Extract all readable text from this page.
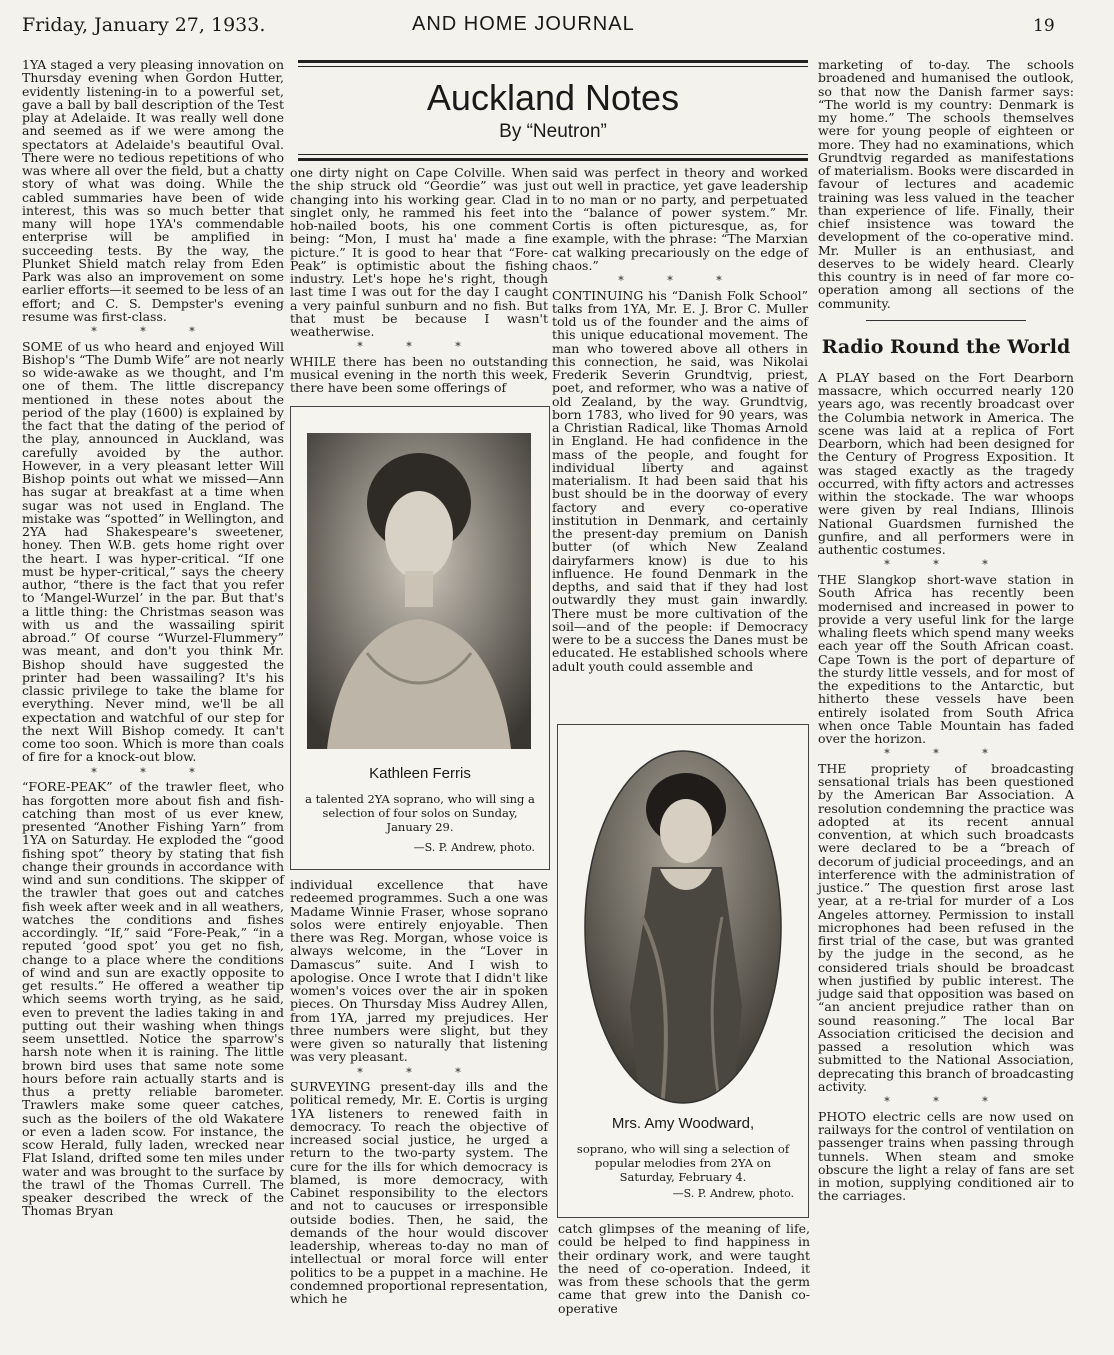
Friday, January 27, 1933.	AND HOME JOURNAL	19

1YA staged a very pleasing innovation on Thursday evening when Gordon Hutter, evidently listening-in to a powerful set, gave a ball by ball description of the Test play at Adelaide. It was really well done and seemed as if we were among the spectators at Adelaide's beautiful Oval. There were no tedious repetitions of who was where all over the field, but a chatty story of what was doing. While the cabled summaries have been of wide interest, this was so much better that many will hope 1YA's commendable enterprise will be amplified in succeeding tests. By the way, the Plunket Shield match relay from Eden Park was also an improvement on some earlier efforts—it seemed to be less of an effort; and C. S. Dempster's evening resume was first-class.

* * *

SOME of us who heard and enjoyed Will Bishop's “The Dumb Wife” are not nearly so wide-awake as we thought, and I'm one of them. The little discrepancy mentioned in these notes about the period of the play (1600) is explained by the fact that the dating of the period of the play, announced in Auckland, was carefully avoided by the author. However, in a very pleasant letter Will Bishop points out what we missed—Ann has sugar at breakfast at a time when sugar was not used in England. The mistake was “spotted” in Wellington, and 2YA had Shakespeare's sweetener, honey. Then W.B. gets home right over the heart. I was hyper-critical. “If one must be hyper-critical,” says the cheery author, “there is the fact that you refer to ‘Mangel-Wurzel’ in the par. But that's a little thing: the Christmas season was with us and the wassailing spirit abroad.” Of course “Wurzel-Flummery” was meant, and don't you think Mr. Bishop should have suggested the printer had been wassailing? It's his classic privilege to take the blame for everything. Never mind, we'll be all expectation and watchful of our step for the next Will Bishop comedy. It can't come too soon. Which is more than coals of fire for a knock-out blow.

* * *

“FORE-PEAK” of the trawler fleet, who has forgotten more about fish and fish-catching than most of us ever knew, presented “Another Fishing Yarn” from 1YA on Saturday. He exploded the “good fishing spot” theory by stating that fish change their grounds in accordance with wind and sun conditions. The skipper of the trawler that goes out and catches fish week after week and in all weathers, watches the conditions and fishes accordingly. “If,” said “Fore-Peak,” “in a reputed ‘good spot’ you get no fish, change to a place where the conditions of wind and sun are exactly opposite to get results.” He offered a weather tip which seems worth trying, as he said, even to prevent the ladies taking in and putting out their washing when things seem unsettled. Notice the sparrow's harsh note when it is raining. The little brown bird uses that same note some hours before rain actually starts and is thus a pretty reliable barometer. Trawlers make some queer catches, such as the boilers of the old Wakatere or even a laden scow. For instance, the scow Herald, fully laden, wrecked near Flat Island, drifted some ten miles under water and was brought to the surface by the trawl of the Thomas Currell. The speaker described the wreck of the Thomas Bryan

Auckland Notes
By “Neutron”

one dirty night on Cape Colville. When the ship struck old “Geordie” was just changing into his working gear. Clad in singlet only, he rammed his feet into hob-nailed boots, his one comment being: “Mon, I must ha' made a fine picture.” It is good to hear that “Fore-Peak” is optimistic about the fishing industry. Let's hope he's right, though last time I was out for the day I caught a very painful sunburn and no fish. But that must be because I wasn't weatherwise.

* * *

WHILE there has been no outstanding musical evening in the north this week, there have been some offerings of

Kathleen Ferris
a talented 2YA soprano, who will sing a selection of four solos on Sunday, January 29.
—S. P. Andrew, photo.

individual excellence that have redeemed programmes. Such a one was Madame Winnie Fraser, whose soprano solos were entirely enjoyable. Then there was Reg. Morgan, whose voice is always welcome, in the “Lover in Damascus” suite. And I wish to apologise. Once I wrote that I didn't like women's voices over the air in spoken pieces. On Thursday Miss Audrey Allen, from 1YA, jarred my prejudices. Her three numbers were slight, but they were given so naturally that listening was very pleasant.

* * *

SURVEYING present-day ills and the political remedy, Mr. E. Cortis is urging 1YA listeners to renewed faith in democracy. To reach the objective of increased social justice, he urged a return to the two-party system. The cure for the ills for which democracy is blamed, is more democracy, with Cabinet responsibility to the electors and not to caucuses or irresponsible outside bodies. Then, he said, the demands of the hour would discover leadership, whereas to-day no man of intellectual or moral force will enter politics to be a puppet in a machine. He condemned proportional representation, which he

said was perfect in theory and worked out well in practice, yet gave leadership to no man or no party, and perpetuated the “balance of power system.” Mr. Cortis is often picturesque, as, for example, with the phrase: “The Marxian cat walking precariously on the edge of chaos.”

* * *

CONTINUING his “Danish Folk School” talks from 1YA, Mr. E. J. Bror C. Muller told us of the founder and the aims of this unique educational movement. The man who towered above all others in this connection, he said, was Nikolai Frederik Severin Grundtvig, priest, poet, and reformer, who was a native of old Zealand, by the way. Grundtvig, born 1783, who lived for 90 years, was a Christian Radical, like Thomas Arnold in England. He had confidence in the mass of the people, and fought for individual liberty and against materialism. It had been said that his bust should be in the doorway of every factory and every co-operative institution in Denmark, and certainly the present-day premium on Danish butter (of which New Zealand dairyfarmers know) is due to his influence. He found Denmark in the depths, and said that if they had lost outwardly they must gain inwardly. There must be more cultivation of the soil—and of the people: if Democracy were to be a success the Danes must be educated. He established schools where adult youth could assemble and

Mrs. Amy Woodward,
soprano, who will sing a selection of popular melodies from 2YA on Saturday, February 4.
—S. P. Andrew, photo.

catch glimpses of the meaning of life, could be helped to find happiness in their ordinary work, and were taught the need of co-operation. Indeed, it was from these schools that the germ came that grew into the Danish co-operative

marketing of to-day. The schools broadened and humanised the outlook, so that now the Danish farmer says: “The world is my country: Denmark is my home.” The schools themselves were for young people of eighteen or more. They had no examinations, which Grundtvig regarded as manifestations of materialism. Books were discarded in favour of lectures and academic training was less valued in the teacher than experience of life. Finally, their chief insistence was toward the development of the co-operative mind. Mr. Muller is an enthusiast, and deserves to be widely heard. Clearly this country is in need of far more co-operation among all sections of the community.

Radio Round the World

A PLAY based on the Fort Dearborn massacre, which occurred nearly 120 years ago, was recently broadcast over the Columbia network in America. The scene was laid at a replica of Fort Dearborn, which had been designed for the Century of Progress Exposition. It was staged exactly as the tragedy occurred, with fifty actors and actresses within the stockade. The war whoops were given by real Indians, Illinois National Guardsmen furnished the gunfire, and all performers were in authentic costumes.

* * *

THE Slangkop short-wave station in South Africa has recently been modernised and increased in power to provide a very useful link for the large whaling fleets which spend many weeks each year off the South African coast. Cape Town is the port of departure of the sturdy little vessels, and for most of the expeditions to the Antarctic, but hitherto these vessels have been entirely isolated from South Africa when once Table Mountain has faded over the horizon.

* * *

THE propriety of broadcasting sensational trials has been questioned by the American Bar Association. A resolution condemning the practice was adopted at its recent annual convention, at which such broadcasts were declared to be a “breach of decorum of judicial proceedings, and an interference with the administration of justice.” The question first arose last year, at a re-trial for murder of a Los Angeles attorney. Permission to install microphones had been refused in the first trial of the case, but was granted by the judge in the second, as he considered trials should be broadcast when justified by public interest. The judge said that opposition was based on “an ancient prejudice rather than on sound reasoning.” The local Bar Association criticised the decision and passed a resolution which was submitted to the National Association, deprecating this branch of broadcasting activity.

* * *

PHOTO electric cells are now used on railways for the control of ventilation on passenger trains when passing through tunnels. When steam and smoke obscure the light a relay of fans are set in motion, supplying conditioned air to the carriages.
